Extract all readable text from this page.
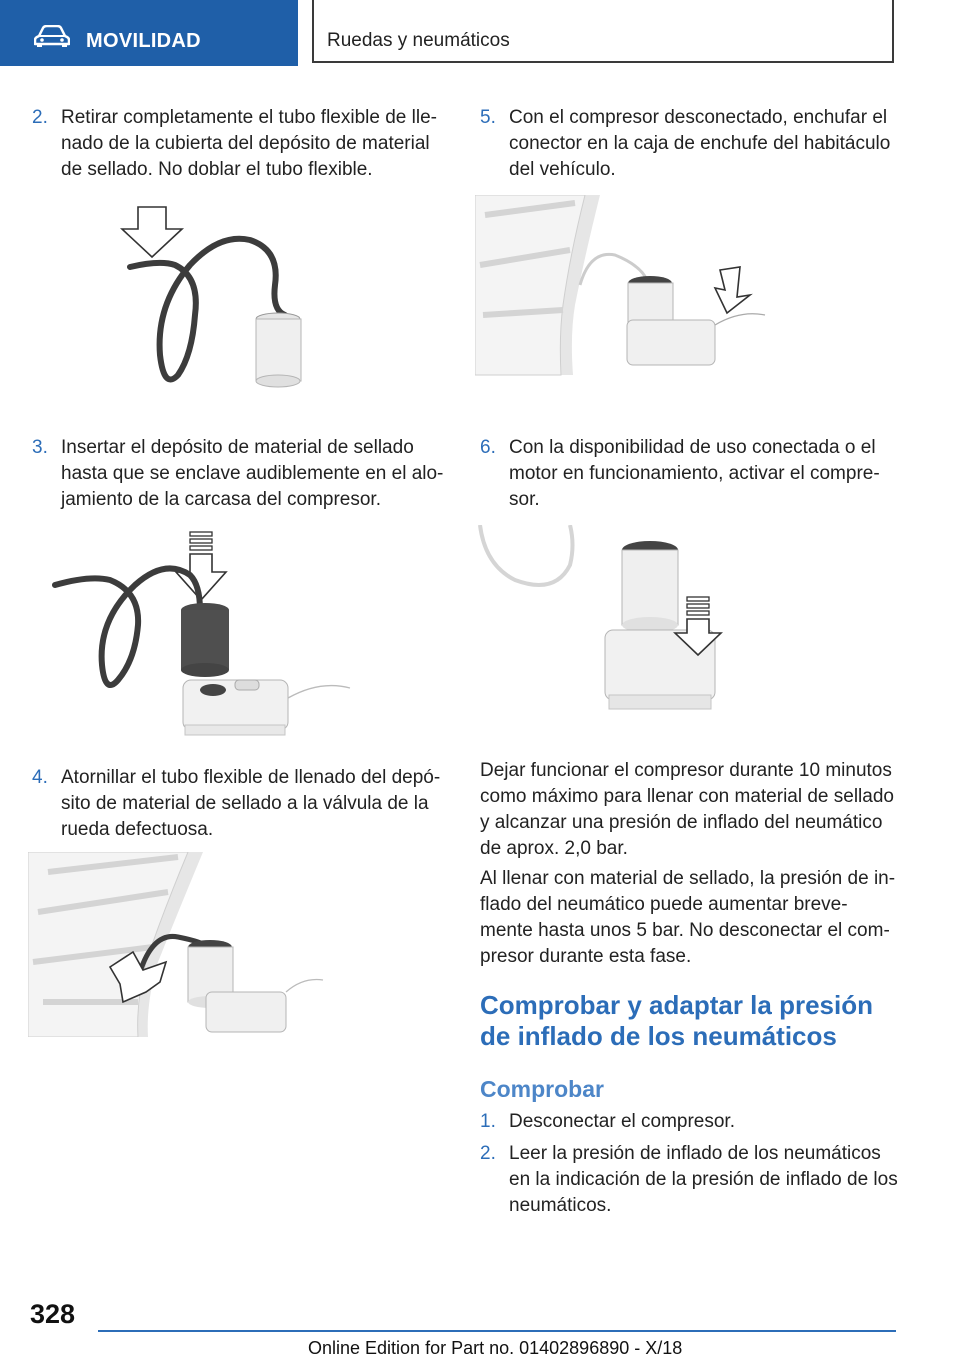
MOVILIDAD	Ruedas y neumáticos
2. Retirar completamente el tubo flexible de lle-
nado de la cubierta del depósito de material
de sellado. No doblar el tubo flexible.
3. Insertar el depósito de material de sellado
hasta que se enclave audiblemente en el alo-
jamiento de la carcasa del compresor.
4. Atornillar el tubo flexible de llenado del depó-
sito de material de sellado a la válvula de la
rueda defectuosa.
5. Con el compresor desconectado, enchufar el
conector en la caja de enchufe del habitáculo
del vehículo.
6. Con la disponibilidad de uso conectada o el
motor en funcionamiento, activar el compre-
sor.
Dejar funcionar el compresor durante 10 minutos
como máximo para llenar con material de sellado
y alcanzar una presión de inflado del neumático
de aprox. 2,0 bar.
Al llenar con material de sellado, la presión de in-
flado del neumático puede aumentar breve-
mente hasta unos 5 bar. No desconectar el com-
presor durante esta fase.
Comprobar y adaptar la presión
de inflado de los neumáticos
Comprobar
1. Desconectar el compresor.
2. Leer la presión de inflado de los neumáticos
en la indicación de la presión de inflado de los
neumáticos.
328
Online Edition for Part no. 01402896890 - X/18
